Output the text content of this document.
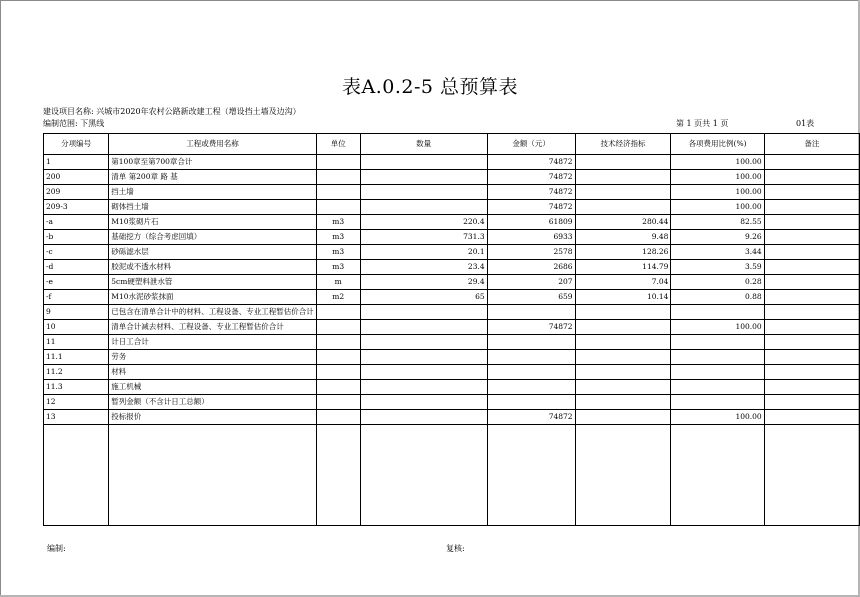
表A.0.2-5 总预算表
建设项目名称: 兴城市2020年农村公路新改建工程（增设挡土墙及边沟）
编制范围: 下黑线	第 1 页共 1 页	01表
分项编号	工程或费用名称	单位	数量	金额（元）	技术经济指标	各项费用比例(%)	备注
1	第100章至第700章合计			74872		100.00	
200	清单 第200章 路 基			74872		100.00	
209	挡土墙			74872		100.00	
209-3	砌体挡土墙			74872		100.00	
-a	M10浆砌片石	m3	220.4	61809	280.44	82.55	
-b	基础挖方（综合考虑回填）	m3	731.3	6933	9.48	9.26	
-c	砂砾滤水层	m3	20.1	2578	128.26	3.44	
-d	胶泥或不透水材料	m3	23.4	2686	114.79	3.59	
-e	5cm硬塑料泄水管	m	29.4	207	7.04	0.28	
-f	M10水泥砂浆抹面	m2	65	659	10.14	0.88	
9	已包含在清单合计中的材料、工程设备、专业工程暂估价合计						
10	清单合计减去材料、工程设备、专业工程暂估价合计			74872		100.00	
11	计日工合计						
11.1	劳务						
11.2	材料						
11.3	施工机械						
12	暂列金额（不含计日工总额）						
13	投标报价			74872		100.00	

编制:	复核:
